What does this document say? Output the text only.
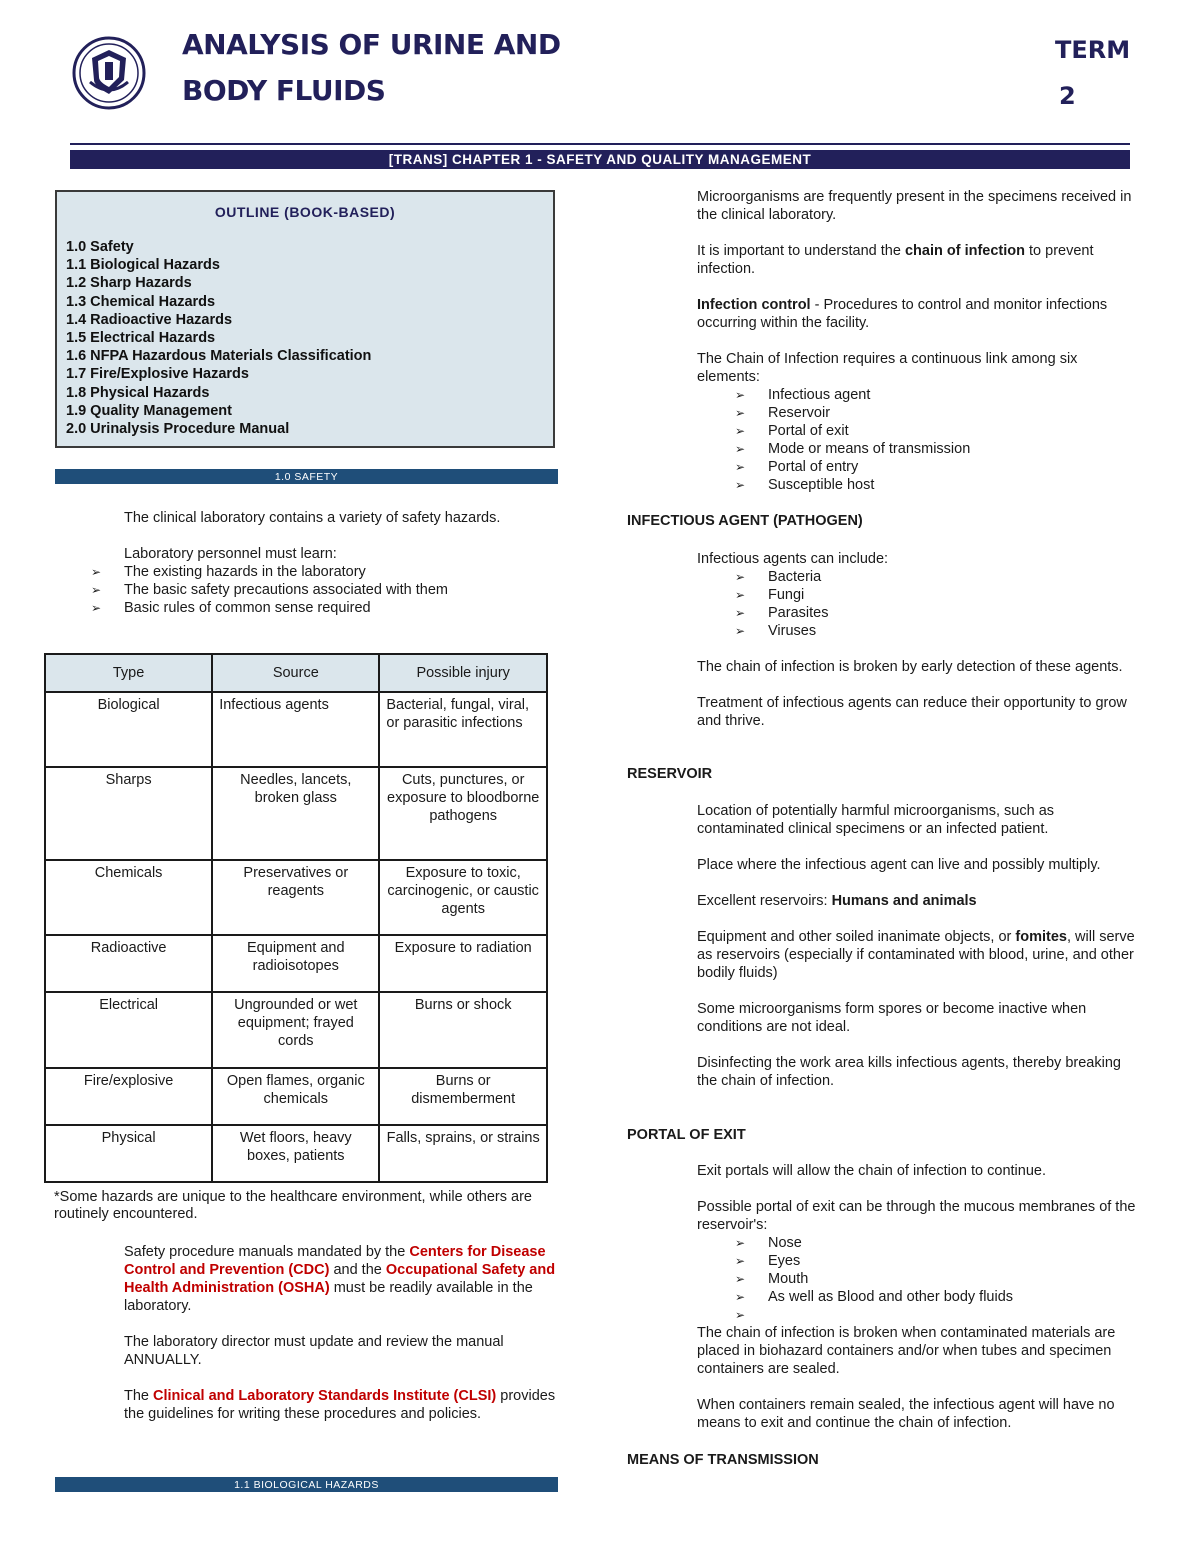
ANALYSIS OF URINE AND
BODY FLUIDS
TERM
2
[TRANS] CHAPTER 1 - SAFETY AND QUALITY MANAGEMENT
OUTLINE (BOOK-BASED)
1.0 Safety
1.1 Biological Hazards
1.2 Sharp Hazards
1.3 Chemical Hazards
1.4 Radioactive Hazards
1.5 Electrical Hazards
1.6 NFPA Hazardous Materials Classification
1.7 Fire/Explosive Hazards
1.8 Physical Hazards
1.9 Quality Management
2.0 Urinalysis Procedure Manual
1.0 SAFETY

The clinical laboratory contains a variety of safety hazards.

Laboratory personnel must learn:

➢ The existing hazards in the laboratory
➢ The basic safety precautions associated with them
➢ Basic rules of common sense required
Type	Source	Possible injury
Biological	Infectious agents	Bacterial, fungal, viral, or parasitic infections
Sharps	Needles, lancets, broken glass	Cuts, punctures, or exposure to bloodborne pathogens
Chemicals	Preservatives or reagents	Exposure to toxic, carcinogenic, or caustic agents
Radioactive	Equipment and radioisotopes	Exposure to radiation
Electrical	Ungrounded or wet equipment; frayed cords	Burns or shock
Fire/explosive	Open flames, organic chemicals	Burns or dismemberment
Physical	Wet floors, heavy boxes, patients	Falls, sprains, or strains
*Some hazards are unique to the healthcare environment, while others are routinely encountered.

Safety procedure manuals mandated by the Centers for Disease Control and Prevention (CDC) and the Occupational Safety and Health Administration (OSHA) must be readily available in the laboratory.

The laboratory director must update and review the manual ANNUALLY.

The Clinical and Laboratory Standards Institute (CLSI) provides the guidelines for writing these procedures and policies.

1.1 BIOLOGICAL HAZARDS

Microorganisms are frequently present in the specimens received in the clinical laboratory.

It is important to understand the chain of infection to prevent infection.

Infection control - Procedures to control and monitor infections occurring within the facility.

The Chain of Infection requires a continuous link among six elements:

➢ Infectious agent
➢ Reservoir
➢ Portal of exit
➢ Mode or means of transmission
➢ Portal of entry
➢ Susceptible host
INFECTIOUS AGENT (PATHOGEN)

Infectious agents can include:

➢ Bacteria
➢ Fungi
➢ Parasites
➢ Viruses

The chain of infection is broken by early detection of these agents.

Treatment of infectious agents can reduce their opportunity to grow and thrive.

RESERVOIR

Location of potentially harmful microorganisms, such as contaminated clinical specimens or an infected patient.

Place where the infectious agent can live and possibly multiply.

Excellent reservoirs: Humans and animals

Equipment and other soiled inanimate objects, or fomites, will serve as reservoirs (especially if contaminated with blood, urine, and other bodily fluids)

Some microorganisms form spores or become inactive when conditions are not ideal.

Disinfecting the work area kills infectious agents, thereby breaking the chain of infection.

PORTAL OF EXIT

Exit portals will allow the chain of infection to continue.

Possible portal of exit can be through the mucous membranes of the reservoir's:

➢ Nose
➢ Eyes
➢ Mouth
➢ As well as Blood and other body fluids
➢

The chain of infection is broken when contaminated materials are placed in biohazard containers and/or when tubes and specimen containers are sealed.

When containers remain sealed, the infectious agent will have no means to exit and continue the chain of infection.

MEANS OF TRANSMISSION
